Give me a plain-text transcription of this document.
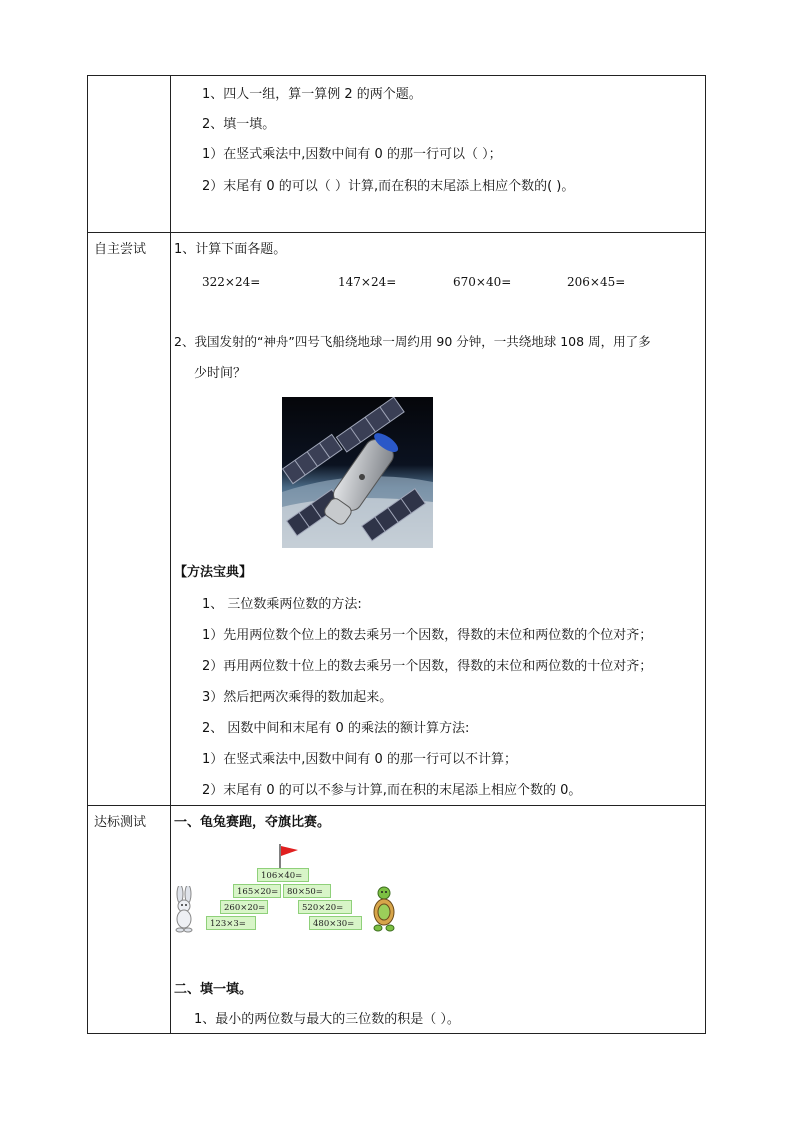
1、四人一组，算一算例 2 的两个题。
2、填一填。
1）在竖式乘法中,因数中间有 0 的那一行可以（ ）；
2）末尾有 0 的可以（ ）计算,而在积的末尾添上相应个数的( )。
自主尝试 1、计算下面各题。
322×24=	147×24=	670×40=	206×45=
2、我国发射的“神舟”四号飞船绕地球一周约用 90 分钟，一共绕地球 108 周，用了多
少时间？
【方法宝典】
1、 三位数乘两位数的方法:
1）先用两位数个位上的数去乘另一个因数，得数的末位和两位数的个位对齐；
2）再用两位数十位上的数去乘另一个因数，得数的末位和两位数的十位对齐；
3）然后把两次乘得的数加起来。
2、 因数中间和末尾有 0 的乘法的额计算方法:
1）在竖式乘法中,因数中间有 0 的那一行可以不计算；
2）末尾有 0 的可以不参与计算,而在积的末尾添上相应个数的 0。
达标测试 一、龟兔赛跑，夺旗比赛。
106×40=
165×20=	80×50=
260×20=	520×20=
123×3=	480×30=
二、填一填。
1、最小的两位数与最大的三位数的积是（ ）。
